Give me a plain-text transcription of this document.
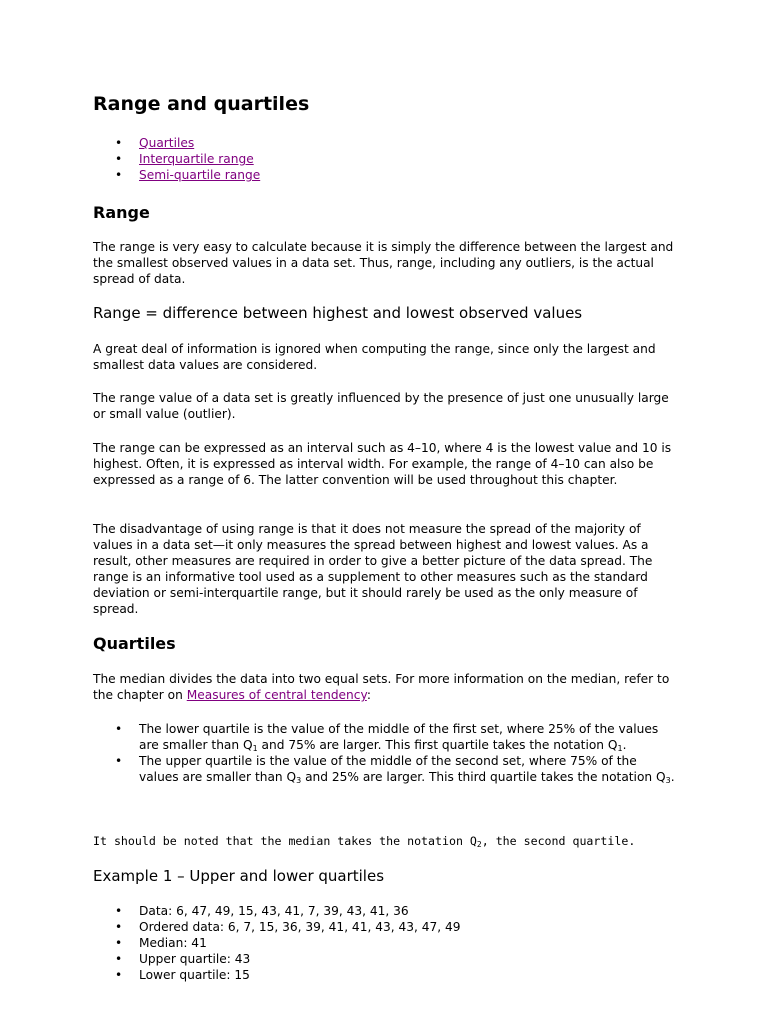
Range and quartiles
• Quartiles
• Interquartile range
• Semi-quartile range
Range

The range is very easy to calculate because it is simply the difference between the largest and the smallest observed values in a data set. Thus, range, including any outliers, is the actual spread of data.

Range = difference between highest and lowest observed values

A great deal of information is ignored when computing the range, since only the largest and smallest data values are considered.

The range value of a data set is greatly influenced by the presence of just one unusually large or small value (outlier).

The range can be expressed as an interval such as 4–10, where 4 is the lowest value and 10 is highest. Often, it is expressed as interval width. For example, the range of 4–10 can also be expressed as a range of 6. The latter convention will be used throughout this chapter.

The disadvantage of using range is that it does not measure the spread of the majority of values in a data set—it only measures the spread between highest and lowest values. As a result, other measures are required in order to give a better picture of the data spread. The range is an informative tool used as a supplement to other measures such as the standard deviation or semi-interquartile range, but it should rarely be used as the only measure of spread.

Quartiles

The median divides the data into two equal sets. For more information on the median, refer to the chapter on Measures of central tendency:

• The lower quartile is the value of the middle of the first set, where 25% of the values are smaller than $Q_1$ and 75% are larger. This first quartile takes the notation $Q_1$.
• The upper quartile is the value of the middle of the second set, where 75% of the values are smaller than $Q_3$ and 25% are larger. This third quartile takes the notation $Q_3$.

It should be noted that the median takes the notation $Q_2$, the second quartile.

Example 1 – Upper and lower quartiles
• Data: 6, 47, 49, 15, 43, 41, 7, 39, 43, 41, 36
• Ordered data: 6, 7, 15, 36, 39, 41, 41, 43, 43, 47, 49
• Median: 41
• Upper quartile: 43
• Lower quartile: 15
